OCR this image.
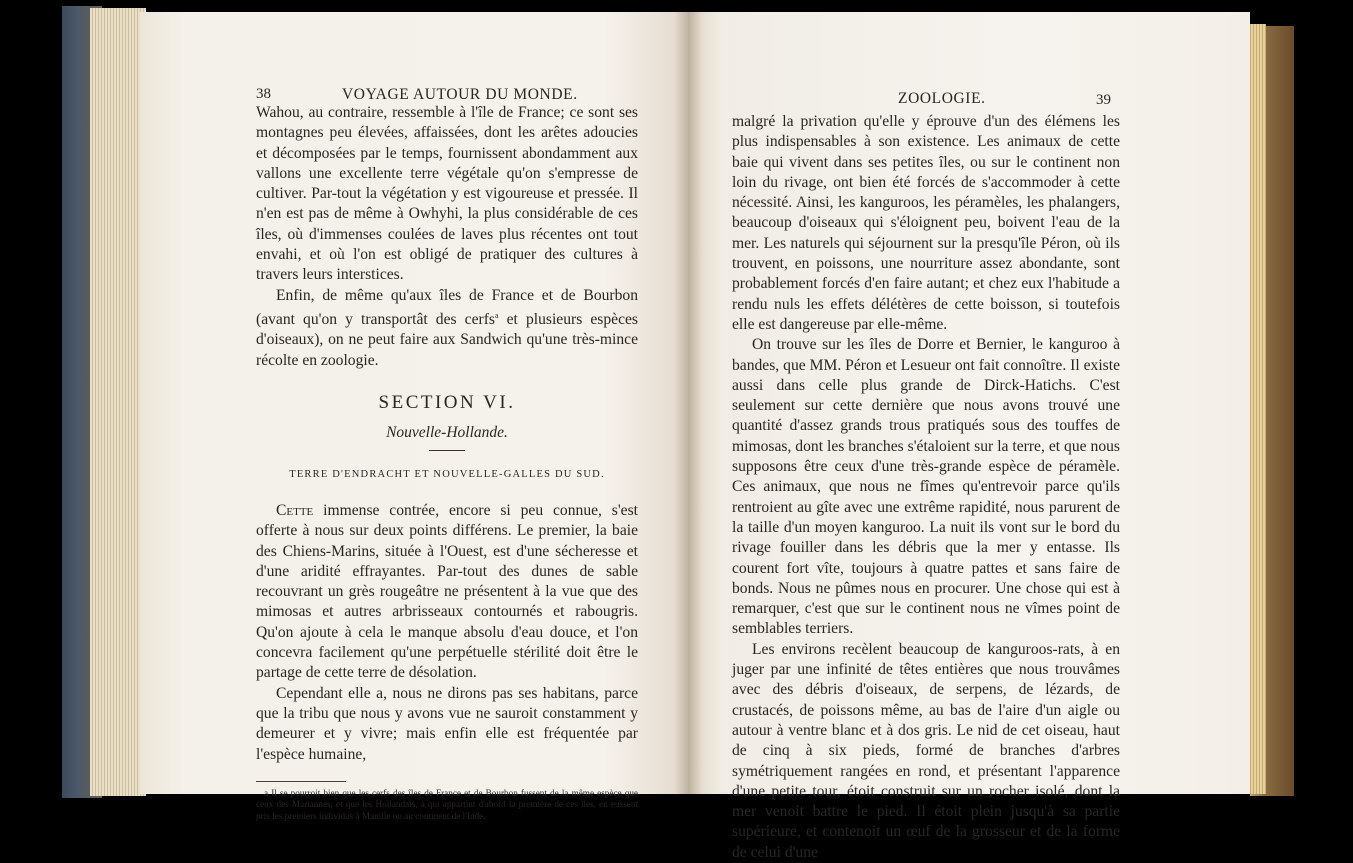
38	VOYAGE AUTOUR DU MONDE.

Wahou, au contraire, ressemble à l'île de France; ce sont ses montagnes peu élevées, affaissées, dont les arêtes adoucies et décomposées par le temps, fournissent abondamment aux vallons une excellente terre végétale qu'on s'empresse de cultiver. Par-tout la végétation y est vigoureuse et pressée. Il n'en est pas de même à Owhyhi, la plus considérable de ces îles, où d'immenses coulées de laves plus récentes ont tout envahi, et où l'on est obligé de pratiquer des cultures à travers leurs interstices.

Enfin, de même qu'aux îles de France et de Bourbon (avant qu'on y transportât des cerfs$^a$ et plusieurs espèces d'oiseaux), on ne peut faire aux Sandwich qu'une très-mince récolte en zoologie.

SECTION VI.
Nouvelle-Hollande.
TERRE D'ENDRACHT ET NOUVELLE-GALLES DU SUD.

Cette immense contrée, encore si peu connue, s'est offerte à nous sur deux points différens. Le premier, la baie des Chiens-Marins, située à l'Ouest, est d'une sécheresse et d'une aridité effrayantes. Par-tout des dunes de sable recouvrant un grès rougeâtre ne présentent à la vue que des mimosas et autres arbrisseaux contournés et rabougris. Qu'on ajoute à cela le manque absolu d'eau douce, et l'on concevra facilement qu'une perpétuelle stérilité doit être le partage de cette terre de désolation.

Cependant elle a, nous ne dirons pas ses habitans, parce que la tribu que nous y avons vue ne sauroit constamment y demeurer et y vivre; mais enfin elle est fréquentée par l'espèce humaine,

a Il se pourroit bien que les cerfs des îles de France et de Bourbon fussent de la même espèce que ceux des Mariannes, et que les Hollandais, à qui appartint d'abord la première de ces îles, en eussent pris les premiers individus à Manille ou au continent de l'Inde.
ZOOLOGIE.	39

malgré la privation qu'elle y éprouve d'un des élémens les plus indispensables à son existence. Les animaux de cette baie qui vivent dans ses petites îles, ou sur le continent non loin du rivage, ont bien été forcés de s'accommoder à cette nécessité. Ainsi, les kanguroos, les péramèles, les phalangers, beaucoup d'oiseaux qui s'éloignent peu, boivent l'eau de la mer. Les naturels qui séjournent sur la presqu'île Péron, où ils trouvent, en poissons, une nourriture assez abondante, sont probablement forcés d'en faire autant; et chez eux l'habitude a rendu nuls les effets délétères de cette boisson, si toutefois elle est dangereuse par elle-même.

On trouve sur les îles de Dorre et Bernier, le kanguroo à bandes, que MM. Péron et Lesueur ont fait connoître. Il existe aussi dans celle plus grande de Dirck-Hatichs. C'est seulement sur cette dernière que nous avons trouvé une quantité d'assez grands trous pratiqués sous des touffes de mimosas, dont les branches s'étaloient sur la terre, et que nous supposons être ceux d'une très-grande espèce de péramèle. Ces animaux, que nous ne fîmes qu'entrevoir parce qu'ils rentroient au gîte avec une extrême rapidité, nous parurent de la taille d'un moyen kanguroo. La nuit ils vont sur le bord du rivage fouiller dans les débris que la mer y entasse. Ils courent fort vîte, toujours à quatre pattes et sans faire de bonds. Nous ne pûmes nous en procurer. Une chose qui est à remarquer, c'est que sur le continent nous ne vîmes point de semblables terriers.

Les environs recèlent beaucoup de kanguroos-rats, à en juger par une infinité de têtes entières que nous trouvâmes avec des débris d'oiseaux, de serpens, de lézards, de crustacés, de poissons même, au bas de l'aire d'un aigle ou autour à ventre blanc et à dos gris. Le nid de cet oiseau, haut de cinq à six pieds, formé de branches d'arbres symétriquement rangées en rond, et présentant l'apparence d'une petite tour, étoit construit sur un rocher isolé, dont la mer venoit battre le pied. Il étoit plein jusqu'à sa partie supérieure, et contenoit un œuf de la grosseur et de la forme de celui d'une
